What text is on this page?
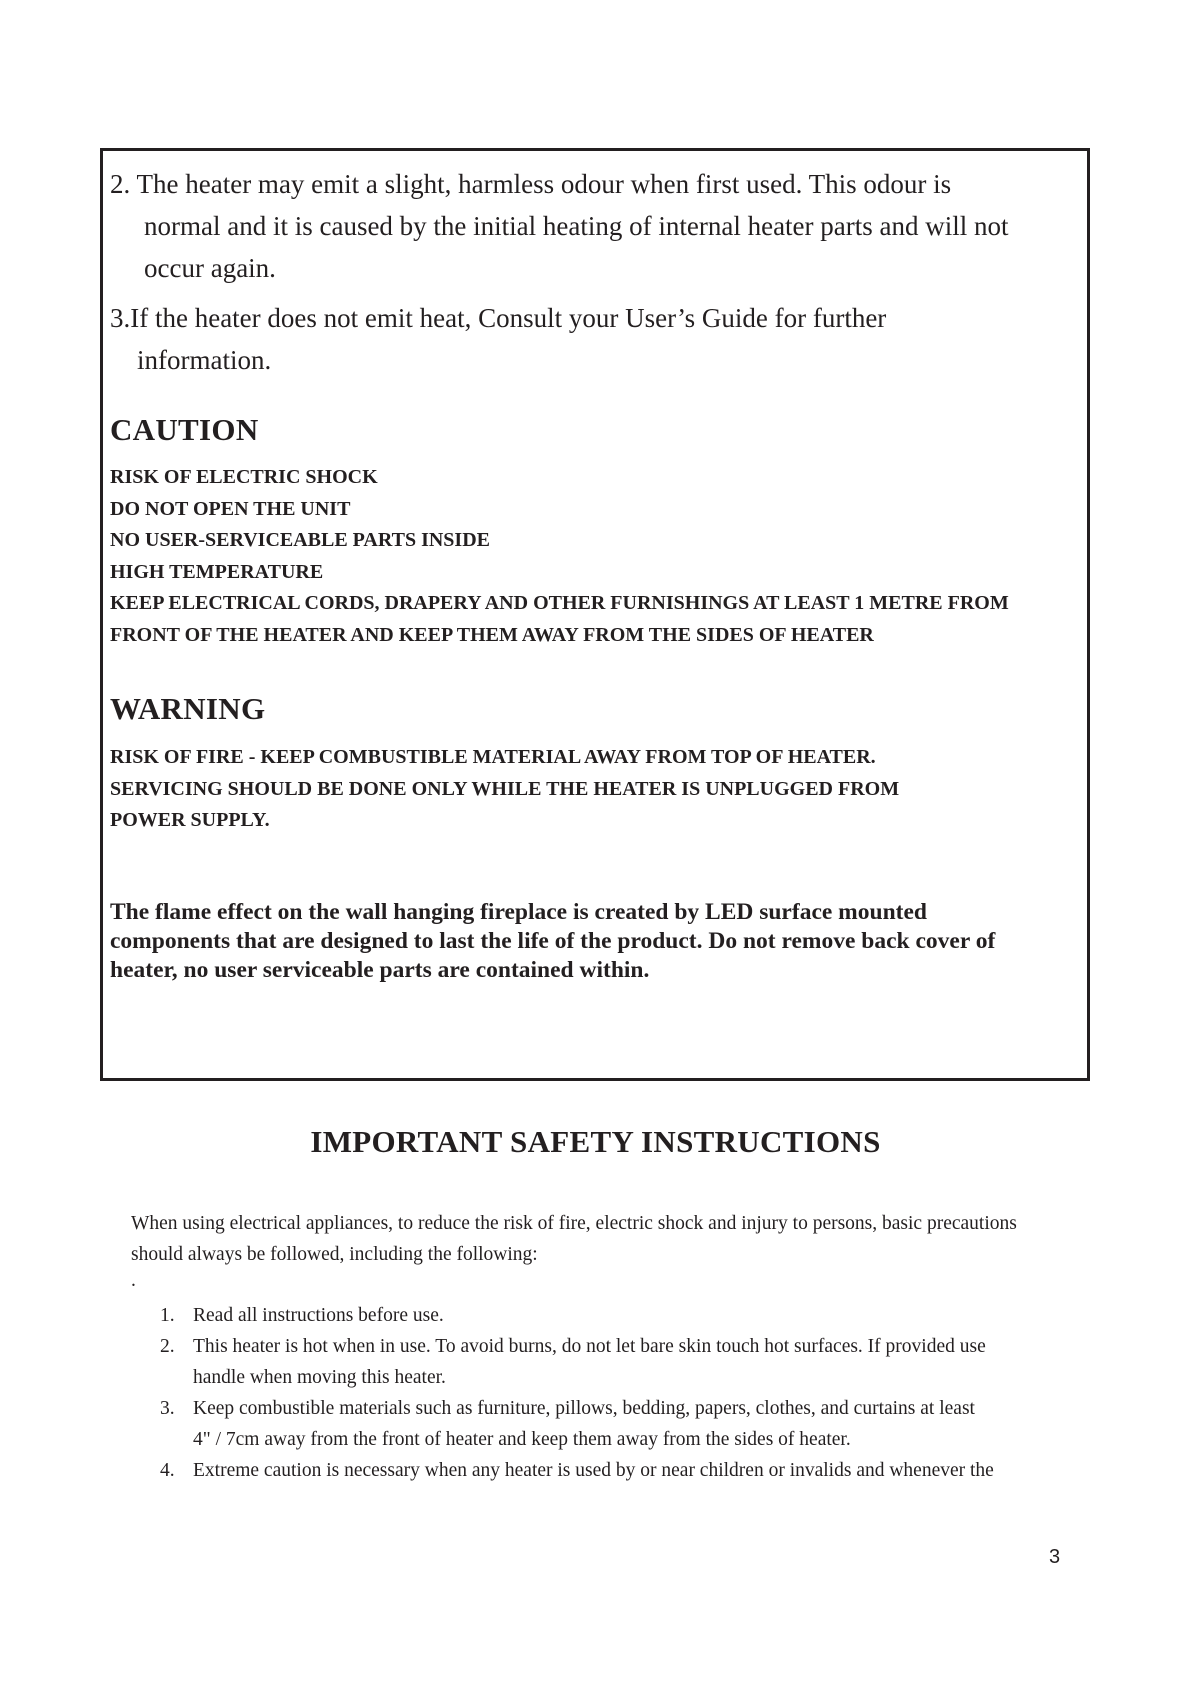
2. The heater may emit a slight, harmless odour when first used. This odour is
normal and it is caused by the initial heating of internal heater parts and will not
occur again.
3.If the heater does not emit heat, Consult your User’s Guide for further
information.
CAUTION
RISK OF ELECTRIC SHOCK
DO NOT OPEN THE UNIT
NO USER-SERVICEABLE PARTS INSIDE
HIGH TEMPERATURE
KEEP ELECTRICAL CORDS, DRAPERY AND OTHER FURNISHINGS AT LEAST 1 METRE FROM
FRONT OF THE HEATER AND KEEP THEM AWAY FROM THE SIDES OF HEATER
WARNING
RISK OF FIRE - KEEP COMBUSTIBLE MATERIAL AWAY FROM TOP OF HEATER.
SERVICING SHOULD BE DONE ONLY WHILE THE HEATER IS UNPLUGGED FROM
POWER SUPPLY.
The flame effect on the wall hanging fireplace is created by LED surface mounted
components that are designed to last the life of the product. Do not remove back cover of
heater, no user serviceable parts are contained within.
IMPORTANT SAFETY INSTRUCTIONS
When using electrical appliances, to reduce the risk of fire, electric shock and injury to persons, basic precautions
should always be followed, including the following:
.
1. Read all instructions before use.
2. This heater is hot when in use. To avoid burns, do not let bare skin touch hot surfaces. If provided use
handle when moving this heater.
3. Keep combustible materials such as furniture, pillows, bedding, papers, clothes, and curtains at least
4" / 7cm away from the front of heater and keep them away from the sides of heater.
4. Extreme caution is necessary when any heater is used by or near children or invalids and whenever the
3
